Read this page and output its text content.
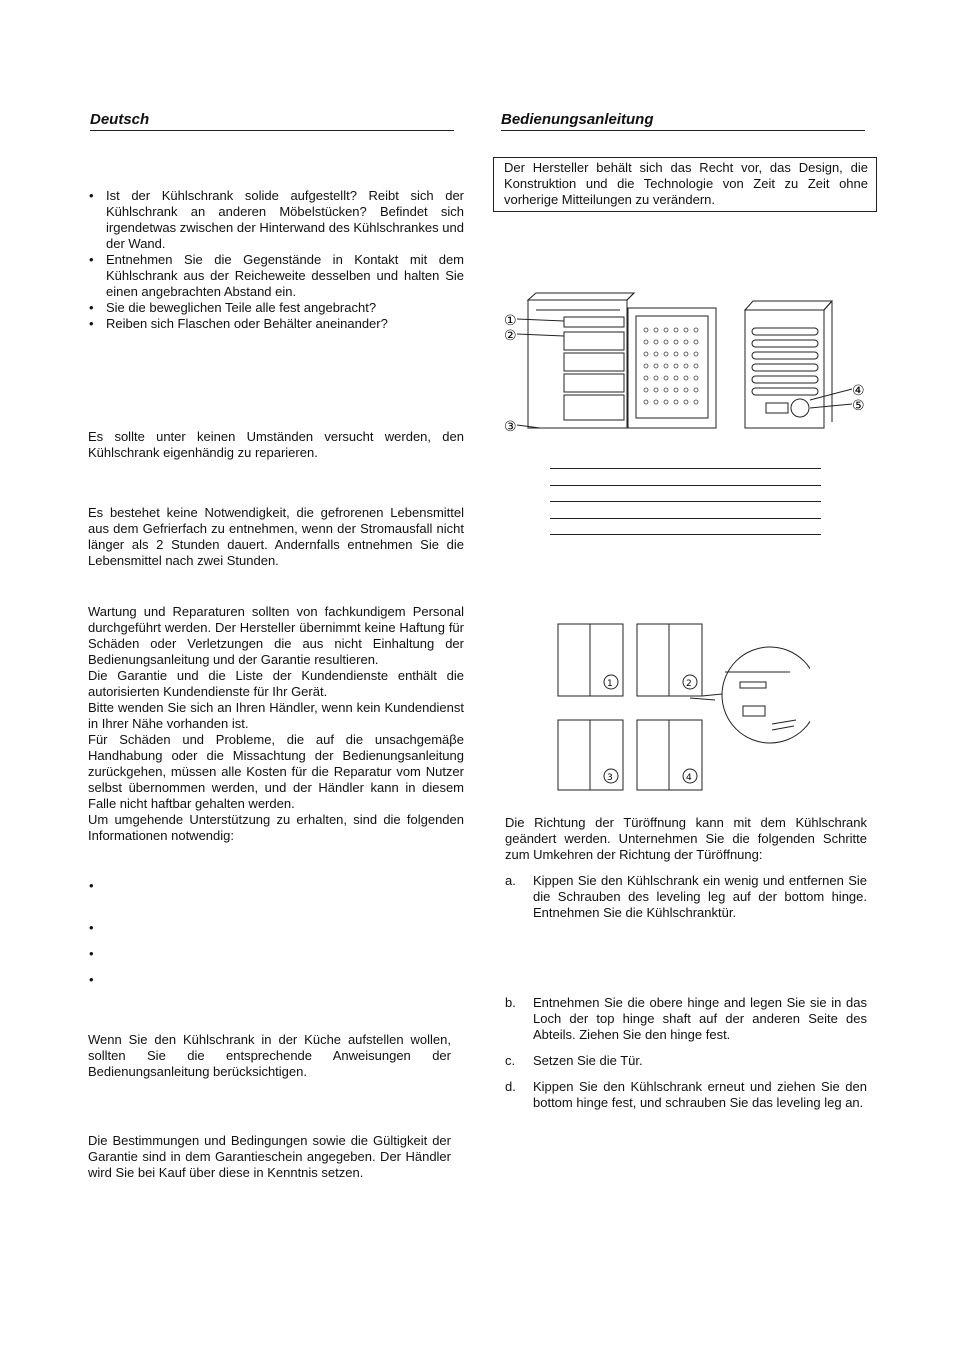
Deutsch	Bedienungsanleitung
• Ist der Kühlschrank solide aufgestellt? Reibt sich der Kühlschrank an anderen Möbelstücken? Befindet sich irgendetwas zwischen der Hinterwand des Kühlschrankes und der Wand.
• Entnehmen Sie die Gegenstände in Kontakt mit dem Kühlschrank aus der Reicheweite desselben und halten Sie einen angebrachten Abstand ein.
• Sie die beweglichen Teile alle fest angebracht?
• Reiben sich Flaschen oder Behälter aneinander?
Es sollte unter keinen Umständen versucht werden, den Kühlschrank eigenhändig zu reparieren.
Es bestehet keine Notwendigkeit, die gefrorenen Lebensmittel aus dem Gefrierfach zu entnehmen, wenn der Stromausfall nicht länger als 2 Stunden dauert. Andernfalls entnehmen Sie die Lebensmittel nach zwei Stunden.
Wartung und Reparaturen sollten von fachkundigem Personal durchgeführt werden. Der Hersteller übernimmt keine Haftung für Schäden oder Verletzungen die aus nicht Einhaltung der Bedienungsanleitung und der Garantie resultieren.
Die Garantie und die Liste der Kundendienste enthält die autorisierten Kundendienste für Ihr Gerät.
Bitte wenden Sie sich an Ihren Händler, wenn kein Kundendienst in Ihrer Nähe vorhanden ist.
Für Schäden und Probleme, die auf die unsachgemäβe Handhabung oder die Missachtung der Bedienungsanleitung zurückgehen, müssen alle Kosten für die Reparatur vom Nutzer selbst übernommen werden, und der Händler kann in diesem Falle nicht haftbar gehalten werden.
Um umgehende Unterstützung zu erhalten, sind die folgenden Informationen notwendig:
•
•
•
•
Wenn Sie den Kühlschrank in der Küche aufstellen wollen, sollten Sie die entsprechende Anweisungen der Bedienungsanleitung berücksichtigen.
Die Bestimmungen und Bedingungen sowie die Gültigkeit der Garantie sind in dem Garantieschein angegeben. Der Händler wird Sie bei Kauf über diese in Kenntnis setzen.
Der Hersteller behält sich das Recht vor, das Design, die Konstruktion und die Technologie von Zeit zu Zeit ohne vorherige Mitteilungen zu verändern.
①
②
③
④
⑤
1	2
3	4
Die Richtung der Türöffnung kann mit dem Kühlschrank geändert werden. Unternehmen Sie die folgenden Schritte zum Umkehren der Richtung der Türöffnung:
a. Kippen Sie den Kühlschrank ein wenig und entfernen Sie die Schrauben des leveling leg auf der bottom hinge. Entnehmen Sie die Kühlschranktür.
b. Entnehmen Sie die obere hinge and legen Sie sie in das Loch der top hinge shaft auf der anderen Seite des Abteils. Ziehen Sie den hinge fest.
c. Setzen Sie die Tür.
d. Kippen Sie den Kühlschrank erneut und ziehen Sie den bottom hinge fest, und schrauben Sie das leveling leg an.
